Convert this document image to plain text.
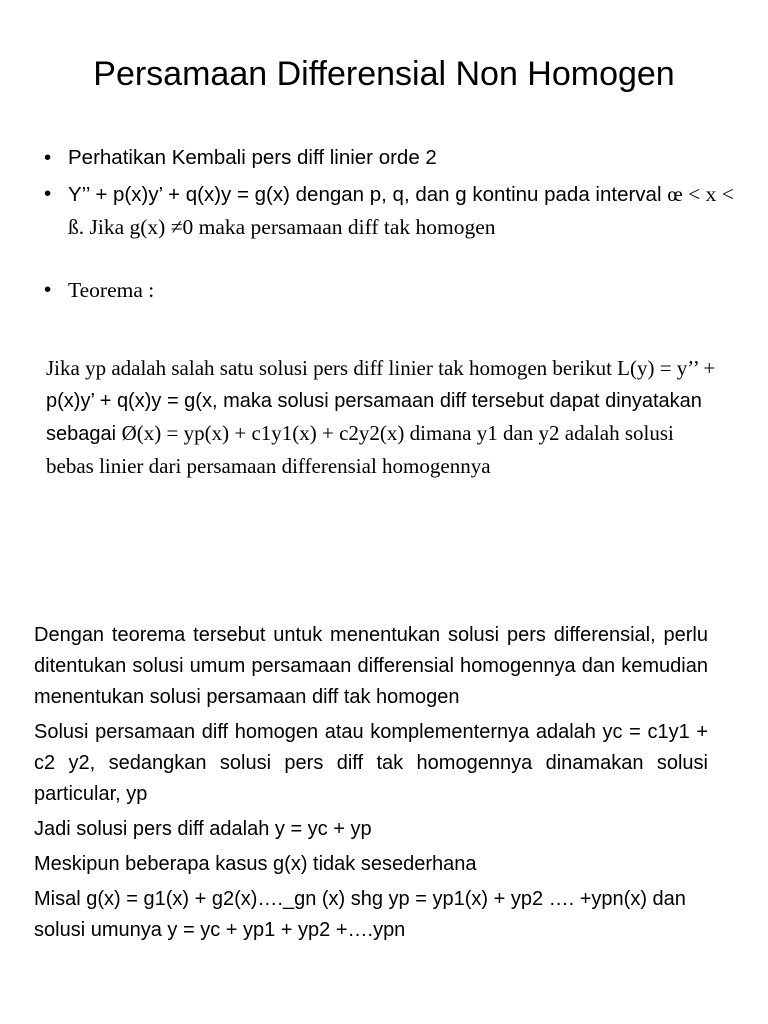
Persamaan Differensial Non Homogen
• Perhatikan Kembali pers diff linier orde 2
• Y’’ + p(x)y’ + q(x)y = g(x) dengan p, q, dan g kontinu pada interval œ < x < ß. Jika g(x) ≠0 maka persamaan diff tak homogen
• Teorema :
Jika yp adalah salah satu solusi pers diff linier tak homogen berikut L(y) = y’’ + p(x)y’ + q(x)y = g(x, maka solusi persamaan diff tersebut dapat dinyatakan sebagai Ø(x) = yp(x) + c1y1(x) + c2y2(x) dimana y1 dan y2 adalah solusi bebas linier dari persamaan differensial homogennya

Dengan teorema tersebut untuk menentukan solusi pers differensial, perlu ditentukan solusi umum persamaan differensial homogennya dan kemudian menentukan solusi persamaan diff tak homogen

Solusi persamaan diff homogen atau komplementernya adalah yc = c1y1 + c2 y2, sedangkan solusi pers diff tak homogennya dinamakan solusi particular, yp

Jadi solusi pers diff adalah y = yc + yp

Meskipun beberapa kasus g(x) tidak sesederhana

Misal g(x) = g1(x) + g2(x)…._gn (x) shg yp = yp1(x) + yp2 …. +ypn(x) dan solusi umunya y = yc + yp1 + yp2 +….ypn
